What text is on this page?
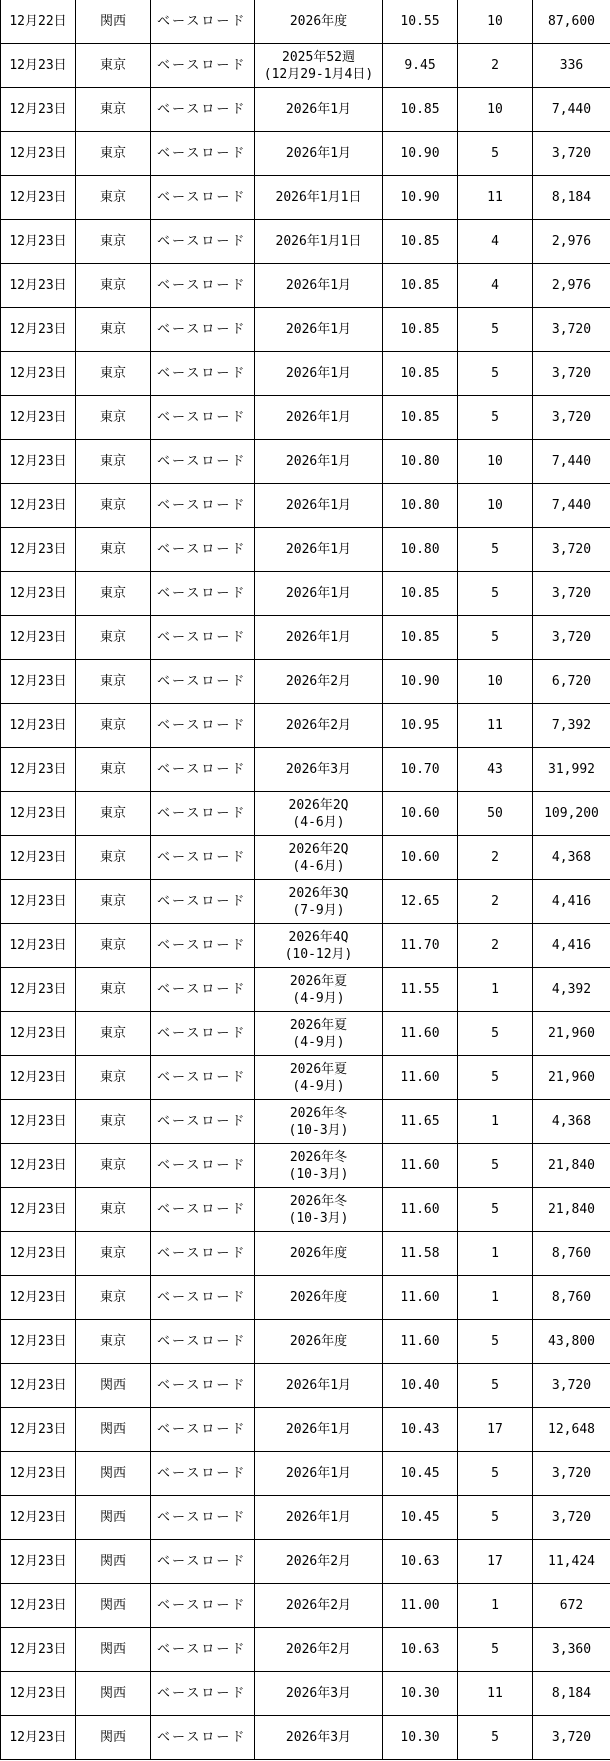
12月22日	関西	ベースロード	2026年度	10.55	10	87,600
12月23日	東京	ベースロード	2025年52週
(12月29-1月4日)	9.45	2	336
12月23日	東京	ベースロード	2026年1月	10.85	10	7,440
12月23日	東京	ベースロード	2026年1月	10.90	5	3,720
12月23日	東京	ベースロード	2026年1月1日	10.90	11	8,184
12月23日	東京	ベースロード	2026年1月1日	10.85	4	2,976
12月23日	東京	ベースロード	2026年1月	10.85	4	2,976
12月23日	東京	ベースロード	2026年1月	10.85	5	3,720
12月23日	東京	ベースロード	2026年1月	10.85	5	3,720
12月23日	東京	ベースロード	2026年1月	10.85	5	3,720
12月23日	東京	ベースロード	2026年1月	10.80	10	7,440
12月23日	東京	ベースロード	2026年1月	10.80	10	7,440
12月23日	東京	ベースロード	2026年1月	10.80	5	3,720
12月23日	東京	ベースロード	2026年1月	10.85	5	3,720
12月23日	東京	ベースロード	2026年1月	10.85	5	3,720
12月23日	東京	ベースロード	2026年2月	10.90	10	6,720
12月23日	東京	ベースロード	2026年2月	10.95	11	7,392
12月23日	東京	ベースロード	2026年3月	10.70	43	31,992
12月23日	東京	ベースロード	2026年2Q
(4-6月)	10.60	50	109,200
12月23日	東京	ベースロード	2026年2Q
(4-6月)	10.60	2	4,368
12月23日	東京	ベースロード	2026年3Q
(7-9月)	12.65	2	4,416
12月23日	東京	ベースロード	2026年4Q
(10-12月)	11.70	2	4,416
12月23日	東京	ベースロード	2026年夏
(4-9月)	11.55	1	4,392
12月23日	東京	ベースロード	2026年夏
(4-9月)	11.60	5	21,960
12月23日	東京	ベースロード	2026年夏
(4-9月)	11.60	5	21,960
12月23日	東京	ベースロード	2026年冬
(10-3月)	11.65	1	4,368
12月23日	東京	ベースロード	2026年冬
(10-3月)	11.60	5	21,840
12月23日	東京	ベースロード	2026年冬
(10-3月)	11.60	5	21,840
12月23日	東京	ベースロード	2026年度	11.58	1	8,760
12月23日	東京	ベースロード	2026年度	11.60	1	8,760
12月23日	東京	ベースロード	2026年度	11.60	5	43,800
12月23日	関西	ベースロード	2026年1月	10.40	5	3,720
12月23日	関西	ベースロード	2026年1月	10.43	17	12,648
12月23日	関西	ベースロード	2026年1月	10.45	5	3,720
12月23日	関西	ベースロード	2026年1月	10.45	5	3,720
12月23日	関西	ベースロード	2026年2月	10.63	17	11,424
12月23日	関西	ベースロード	2026年2月	11.00	1	672
12月23日	関西	ベースロード	2026年2月	10.63	5	3,360
12月23日	関西	ベースロード	2026年3月	10.30	11	8,184
12月23日	関西	ベースロード	2026年3月	10.30	5	3,720
